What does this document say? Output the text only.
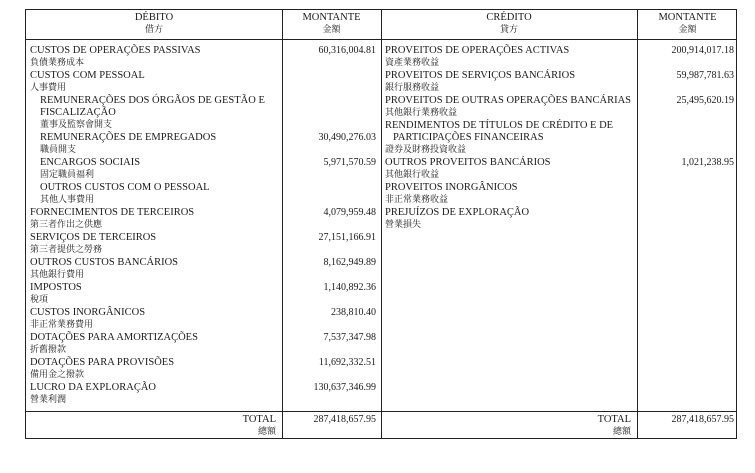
DÉBITO
借方
MONTANTE
金額
CRÉDITO
貸方
MONTANTE
金額
CUSTOS DE OPERAÇÕES PASSIVAS
負債業務成本
60,316,004.81
CUSTOS COM PESSOAL
人事費用
REMUNERAÇÕES DOS ÓRGÃOS DE GESTÃO E
FISCALIZAÇÃO
董事及監察會開支
REMUNERAÇÕES DE EMPREGADOS
職員開支
30,490,276.03
ENCARGOS SOCIAIS
固定職員福利
5,971,570.59
OUTROS CUSTOS COM O PESSOAL
其他人事費用
FORNECIMENTOS DE TERCEIROS
第三者作出之供應
4,079,959.48
SERVIÇOS DE TERCEIROS
第三者提供之勞務
27,151,166.91
OUTROS CUSTOS BANCÁRIOS
其他銀行費用
8,162,949.89
IMPOSTOS
稅項
1,140,892.36
CUSTOS INORGÂNICOS
非正常業務費用
238,810.40
DOTAÇÕES PARA AMORTIZAÇÕES
折舊撥款
7,537,347.98
DOTAÇÕES PARA PROVISÕES
備用金之撥款
11,692,332.51
LUCRO DA EXPLORAÇÃO
營業利潤
130,637,346.99
PROVEITOS DE OPERAÇÕES ACTIVAS
資產業務收益
200,914,017.18
PROVEITOS DE SERVIÇOS BANCÁRIOS
銀行服務收益
59,987,781.63
PROVEITOS DE OUTRAS OPERAÇÕES BANCÁRIAS
其他銀行業務收益
25,495,620.19
RENDIMENTOS DE TÍTULOS DE CRÉDITO E DE
PARTICIPAÇÕES FINANCEIRAS
證券及財務投資收益
OUTROS PROVEITOS BANCÁRIOS
其他銀行收益
1,021,238.95
PROVEITOS INORGÂNICOS
非正常業務收益
PREJUÍZOS DE EXPLORAÇÃO
營業損失
TOTAL
總額
287,418,657.95	TOTAL
總額
287,418,657.95
